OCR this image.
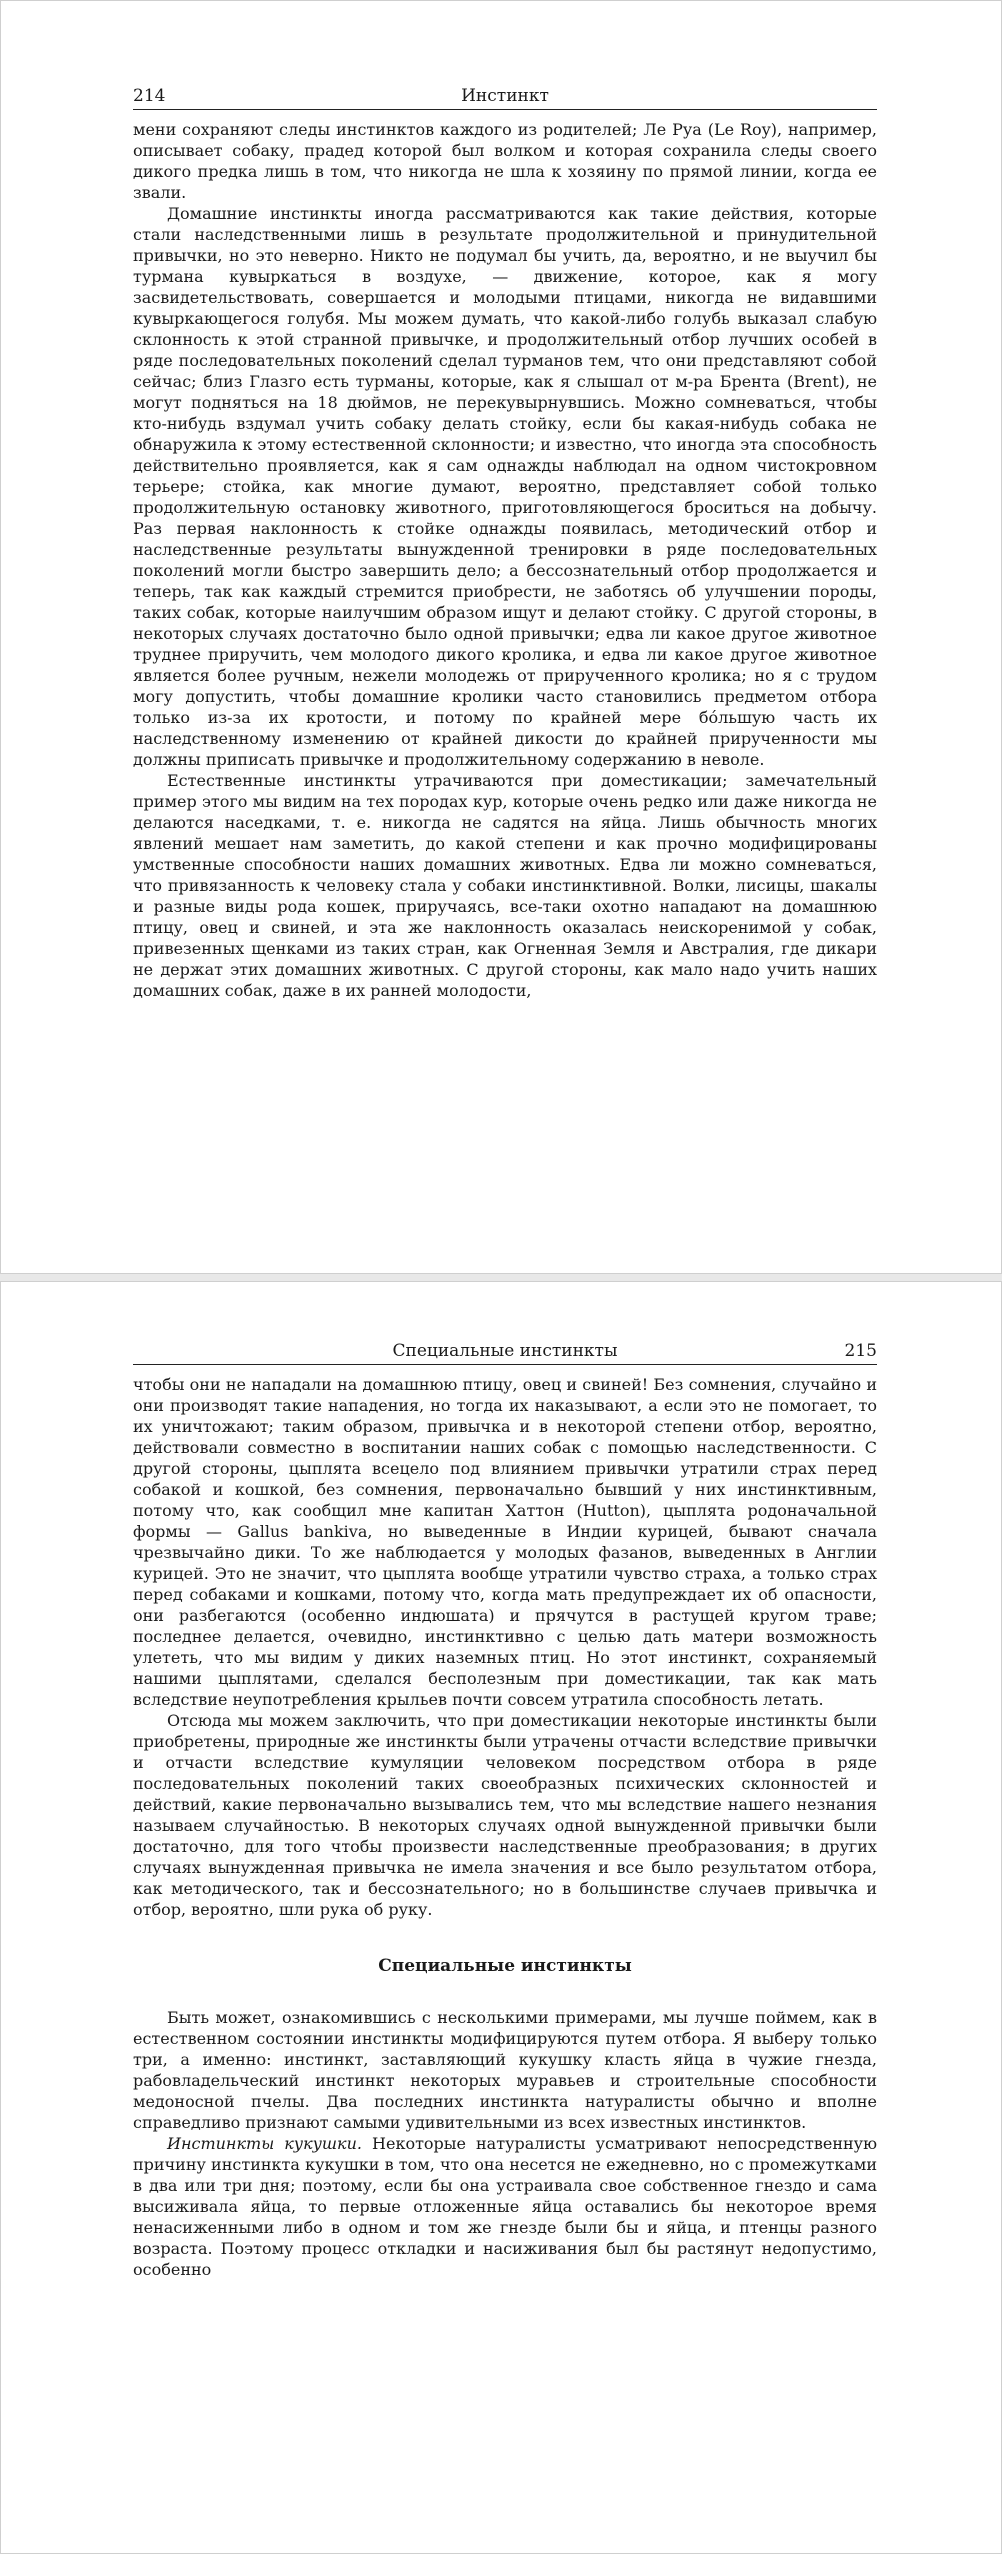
214	Инстинкт

мени сохраняют следы инстинктов каждого из родителей; Ле Руа (Le Roy), например, описывает собаку, прадед которой был волком и которая сохранила следы своего дикого предка лишь в том, что никогда не шла к хозяину по прямой линии, когда ее звали.

Домашние инстинкты иногда рассматриваются как такие действия, которые стали наследственными лишь в результате продолжительной и принудительной привычки, но это неверно. Никто не подумал бы учить, да, вероятно, и не выучил бы турмана кувыркаться в воздухе, — движение, которое, как я могу засвидетельствовать, совершается и молодыми птицами, никогда не видавшими кувыркающегося голубя. Мы можем думать, что какой-либо голубь выказал слабую склонность к этой странной привычке, и продолжительный отбор лучших особей в ряде последовательных поколений сделал турманов тем, что они представляют собой сейчас; близ Глазго есть турманы, которые, как я слышал от м-ра Брента (Brent), не могут подняться на 18 дюймов, не перекувырнувшись. Можно сомневаться, чтобы кто-нибудь вздумал учить собаку делать стойку, если бы какая-нибудь собака не обнаружила к этому естественной склонности; и известно, что иногда эта способность действительно проявляется, как я сам однажды наблюдал на одном чистокровном терьере; стойка, как многие думают, вероятно, представляет собой только продолжительную остановку животного, приготовляющегося броситься на добычу. Раз первая наклонность к стойке однажды появилась, методический отбор и наследственные результаты вынужденной тренировки в ряде последовательных поколений могли быстро завершить дело; а бессознательный отбор продолжается и теперь, так как каждый стремится приобрести, не заботясь об улучшении породы, таких собак, которые наилучшим образом ищут и делают стойку. С другой стороны, в некоторых случаях достаточно было одной привычки; едва ли какое другое животное труднее приручить, чем молодого дикого кролика, и едва ли какое другое животное является более ручным, нежели молодежь от прирученного кролика; но я с трудом могу допустить, чтобы домашние кролики часто становились предметом отбора только из-за их кротости, и потому по крайней мере бо́льшую часть их наследственному изменению от крайней дикости до крайней прирученности мы должны приписать привычке и продолжительному содержанию в неволе.

Естественные инстинкты утрачиваются при доместикации; замечательный пример этого мы видим на тех породах кур, которые очень редко или даже никогда не делаются наседками, т. е. никогда не садятся на яйца. Лишь обычность многих явлений мешает нам заметить, до какой степени и как прочно модифицированы умственные способности наших домашних животных. Едва ли можно сомневаться, что привязанность к человеку стала у собаки инстинктивной. Волки, лисицы, шакалы и разные виды рода кошек, приручаясь, все-таки охотно нападают на домашнюю птицу, овец и свиней, и эта же наклонность оказалась неискоренимой у собак, привезенных щенками из таких стран, как Огненная Земля и Австралия, где дикари не держат этих домашних животных. С другой стороны, как мало надо учить наших домашних собак, даже в их ранней молодости,

Специальные инстинкты	215

чтобы они не нападали на домашнюю птицу, овец и свиней! Без сомнения, случайно и они производят такие нападения, но тогда их наказывают, а если это не помогает, то их уничтожают; таким образом, привычка и в некоторой степени отбор, вероятно, действовали совместно в воспитании наших собак с помощью наследственности. С другой стороны, цыплята всецело под влиянием привычки утратили страх перед собакой и кошкой, без сомнения, первоначально бывший у них инстинктивным, потому что, как сообщил мне капитан Хаттон (Hutton), цыплята родоначальной формы — Gallus bankiva, но выведенные в Индии курицей, бывают сначала чрезвычайно дики. То же наблюдается у молодых фазанов, выведенных в Англии курицей. Это не значит, что цыплята вообще утратили чувство страха, а только страх перед собаками и кошками, потому что, когда мать предупреждает их об опасности, они разбегаются (особенно индюшата) и прячутся в растущей кругом траве; последнее делается, очевидно, инстинктивно с целью дать матери возможность улететь, что мы видим у диких наземных птиц. Но этот инстинкт, сохраняемый нашими цыплятами, сделался бесполезным при доместикации, так как мать вследствие неупотребления крыльев почти совсем утратила способность летать.

Отсюда мы можем заключить, что при доместикации некоторые инстинкты были приобретены, природные же инстинкты были утрачены отчасти вследствие привычки и отчасти вследствие кумуляции человеком посредством отбора в ряде последовательных поколений таких своеобразных психических склонностей и действий, какие первоначально вызывались тем, что мы вследствие нашего незнания называем случайностью. В некоторых случаях одной вынужденной привычки были достаточно, для того чтобы произвести наследственные преобразования; в других случаях вынужденная привычка не имела значения и все было результатом отбора, как методического, так и бессознательного; но в большинстве случаев привычка и отбор, вероятно, шли рука об руку.

Специальные инстинкты

Быть может, ознакомившись с несколькими примерами, мы лучше поймем, как в естественном состоянии инстинкты модифицируются путем отбора. Я выберу только три, а именно: инстинкт, заставляющий кукушку класть яйца в чужие гнезда, рабовладельческий инстинкт некоторых муравьев и строительные способности медоносной пчелы. Два последних инстинкта натуралисты обычно и вполне справедливо признают самыми удивительными из всех известных инстинктов.

Инстинкты кукушки. Некоторые натуралисты усматривают непосредственную причину инстинкта кукушки в том, что она несется не ежедневно, но с промежутками в два или три дня; поэтому, если бы она устраивала свое собственное гнездо и сама высиживала яйца, то первые отложенные яйца оставались бы некоторое время ненасиженными либо в одном и том же гнезде были бы и яйца, и птенцы разного возраста. Поэтому процесс откладки и насиживания был бы растянут недопустимо, особенно
